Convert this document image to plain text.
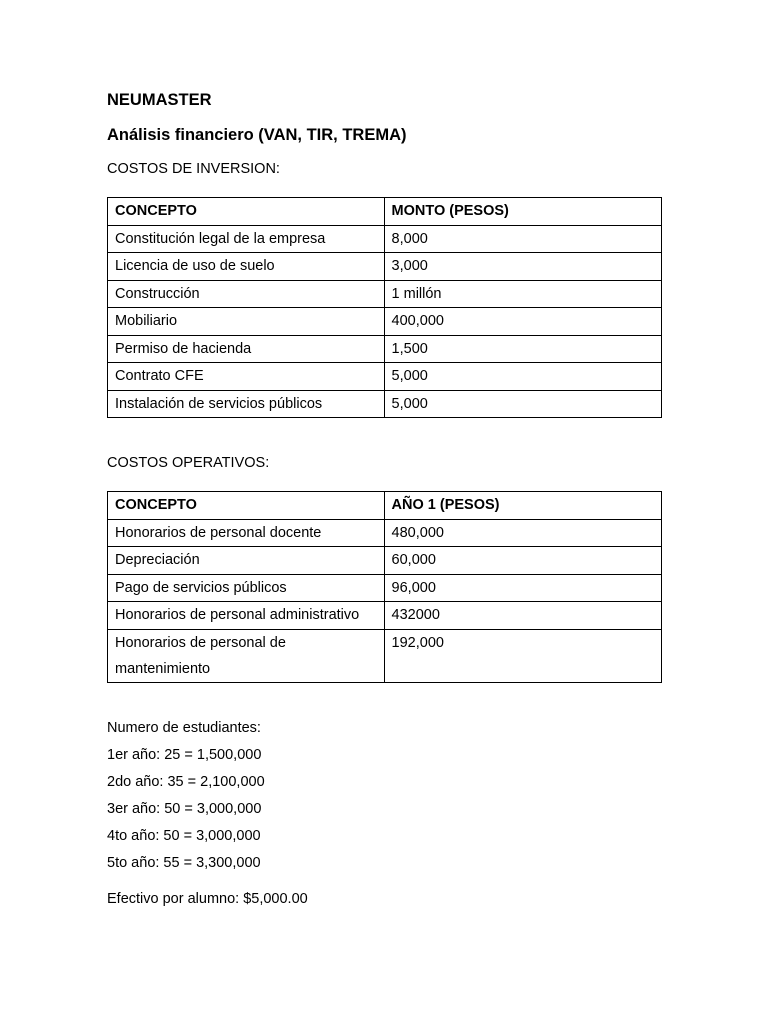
NEUMASTER
Análisis financiero (VAN, TIR, TREMA)
COSTOS DE INVERSION:
CONCEPTO	MONTO (PESOS)
Constitución legal de la empresa	8,000
Licencia de uso de suelo	3,000
Construcción	1 millón
Mobiliario	400,000
Permiso de hacienda	1,500
Contrato CFE	5,000
Instalación de servicios públicos	5,000
COSTOS OPERATIVOS:
CONCEPTO	AÑO 1 (PESOS)
Honorarios de personal docente	480,000
Depreciación	60,000
Pago de servicios públicos	96,000
Honorarios de personal administrativo	432000
Honorarios de personal de mantenimiento	192,000
Numero de estudiantes:
1er año: 25 = 1,500,000
2do año: 35 = 2,100,000
3er año: 50 = 3,000,000
4to año: 50 = 3,000,000
5to año: 55 = 3,300,000
Efectivo por alumno: $5,000.00
